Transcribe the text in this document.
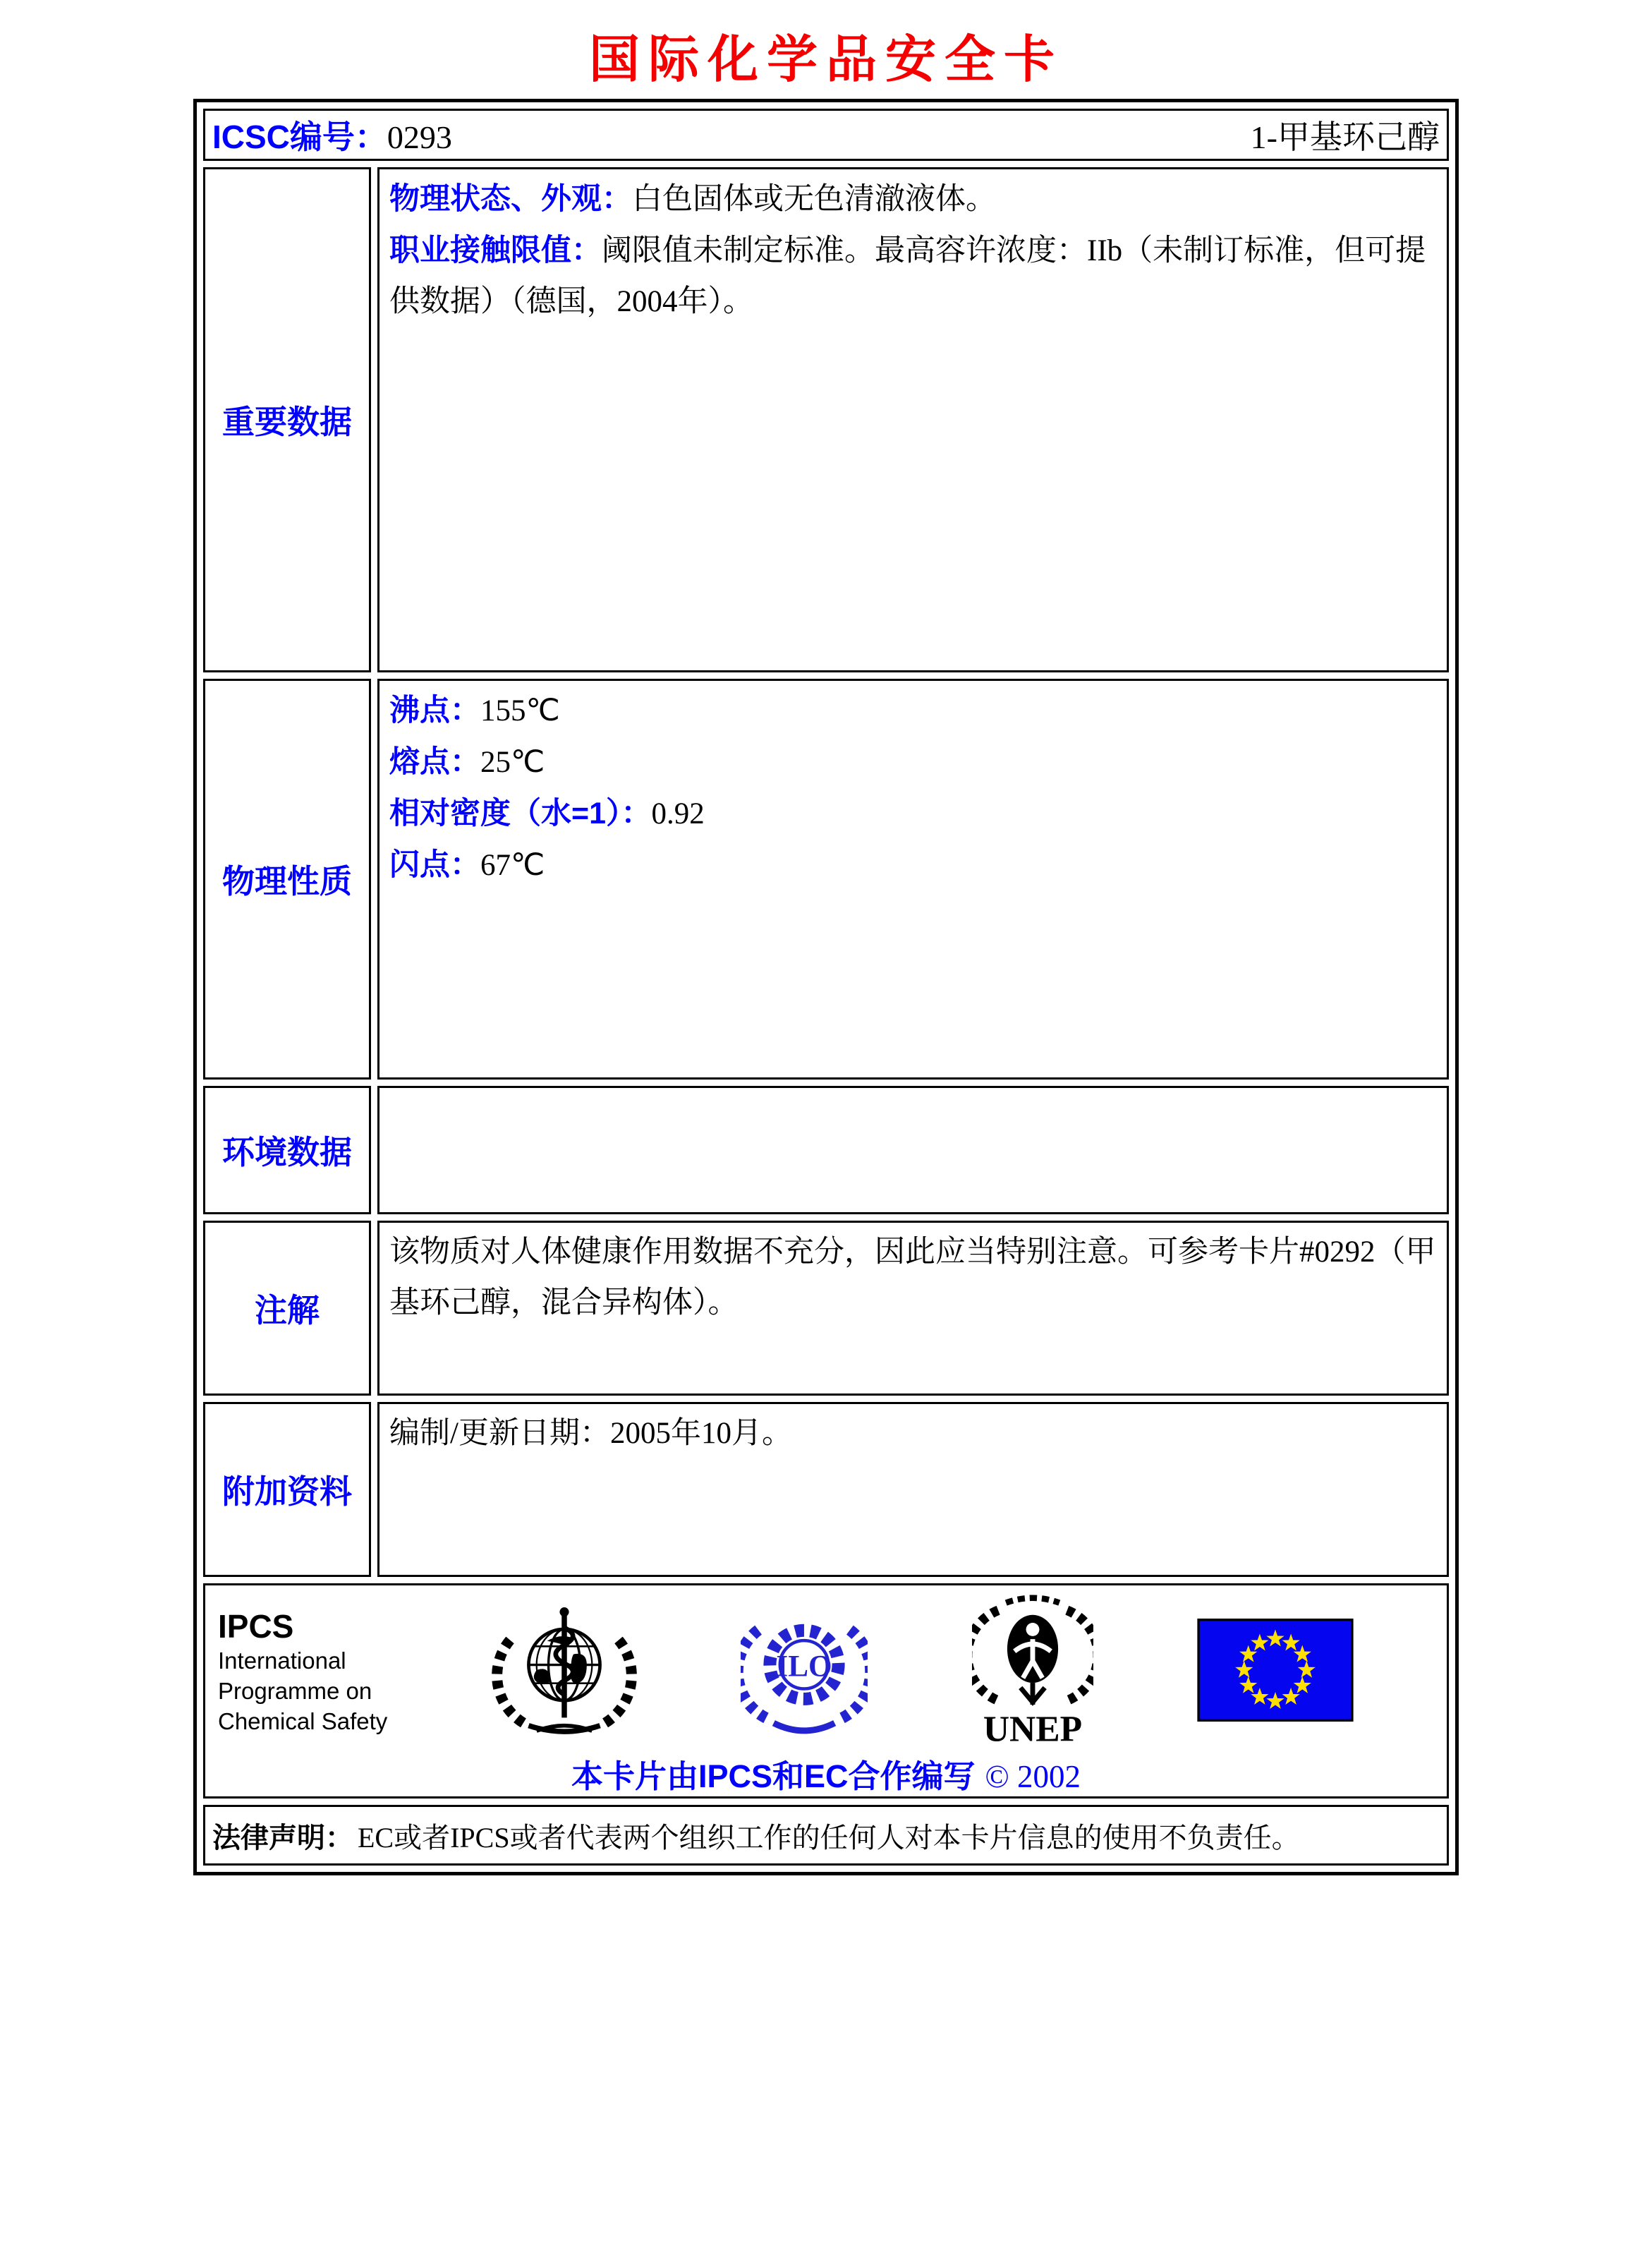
国际化学品安全卡
ICSC编号：0293 1-甲基环己醇	

重要数据	物理状态、外观：白色固体或无色清澈液体。

职业接触限值：阈限值未制定标准。最高容许浓度：IIb（未制订标准，但可提供数据）（德国，2004年）。

物理性质	沸点：155℃
熔点：25℃
相对密度（水=1）：0.92
闪点：67℃

环境数据	
注解	该物质对人体健康作用数据不充分，因此应当特别注意。可参考卡片#0292（甲基环己醇，混合异构体）。
附加资料	编制/更新日期：2005年10月。

IPCS
International
Programme on
Chemical Safety
ILO
UNEP
本卡片由IPCS和EC合作编写 © 2002

法律声明： EC或者IPCS或者代表两个组织工作的任何人对本卡片信息的使用不负责任。	
